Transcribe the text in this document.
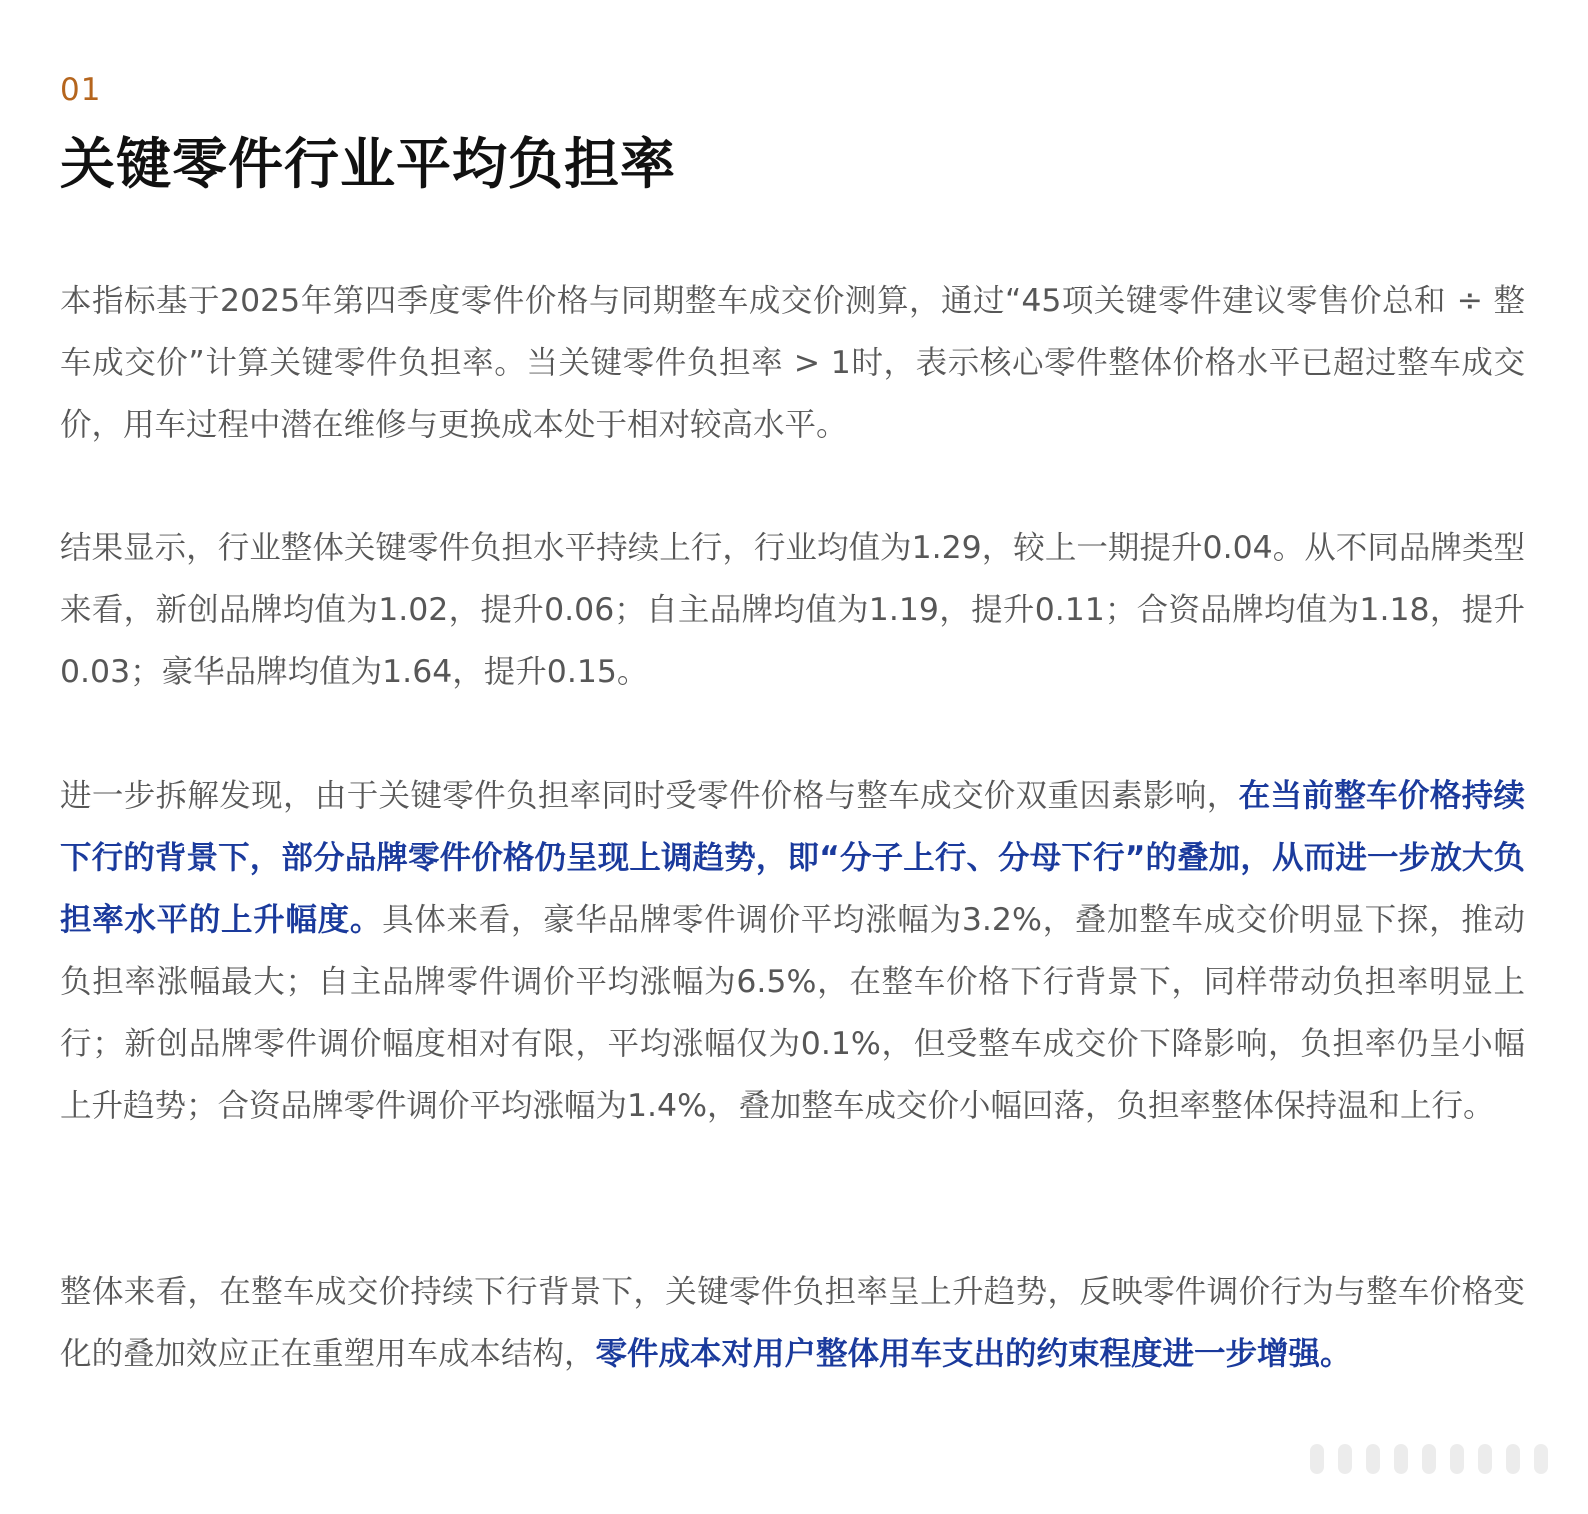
01
关键零件行业平均负担率

本指标基于2025年第四季度零件价格与同期整车成交价测算，通过“45项关键零件建议零售价总和 ÷ 整车成交价”计算关键零件负担率。当关键零件负担率 > 1时，表示核心零件整体价格水平已超过整车成交价，用车过程中潜在维修与更换成本处于相对较高水平。

结果显示，行业整体关键零件负担水平持续上行，行业均值为1.29，较上一期提升0.04。从不同品牌类型来看，新创品牌均值为1.02，提升0.06；自主品牌均值为1.19，提升0.11；合资品牌均值为1.18，提升0.03；豪华品牌均值为1.64，提升0.15。

进一步拆解发现，由于关键零件负担率同时受零件价格与整车成交价双重因素影响，在当前整车价格持续下行的背景下，部分品牌零件价格仍呈现上调趋势，即“分子上行、分母下行”的叠加，从而进一步放大负担率水平的上升幅度。具体来看，豪华品牌零件调价平均涨幅为3.2%，叠加整车成交价明显下探，推动负担率涨幅最大；自主品牌零件调价平均涨幅为6.5%，在整车价格下行背景下，同样带动负担率明显上行；新创品牌零件调价幅度相对有限，平均涨幅仅为0.1%，但受整车成交价下降影响，负担率仍呈小幅上升趋势；合资品牌零件调价平均涨幅为1.4%，叠加整车成交价小幅回落，负担率整体保持温和上行。

整体来看，在整车成交价持续下行背景下，关键零件负担率呈上升趋势，反映零件调价行为与整车价格变化的叠加效应正在重塑用车成本结构，零件成本对用户整体用车支出的约束程度进一步增强。
